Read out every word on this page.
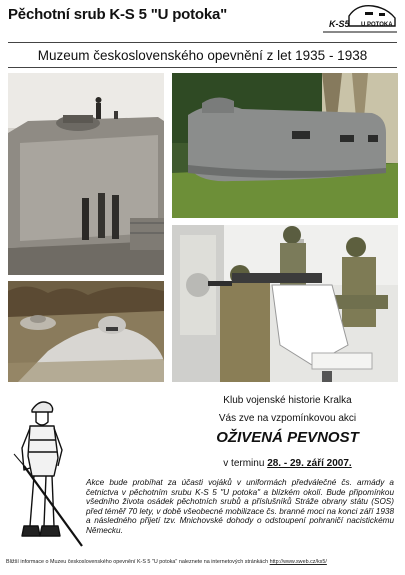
Pěchotní srub K-S 5 "U potoka"
K-S5 U POTOKA
Muzeum československého opevnění z let 1935 - 1938
Klub vojenské historie Kralka
Vás zve na vzpomínkovou akci
OŽIVENÁ PEVNOST
v terminu 28. - 29. září 2007.
Akce bude probíhat za účasti vojáků v uniformách předválečné čs. armády a četnictva v pěchotním srubu K-S 5 "U potoka" a blízkém okolí. Bude připomínkou všedního života osádek pěchotních srubů a příslušníků Stráže obrany státu (SOS) před téměř 70 lety, v době všeobecné mobilizace čs. branné moci na konci září 1938 a následného přijetí tzv. Mnichovské dohody o odstoupení pohraničí nacistickému Německu.
Bližší informace o Muzeu československého opevnění K-S 5 "U potoka" naleznete na internetových stránkách http://www.sweb.cz/ks5/
